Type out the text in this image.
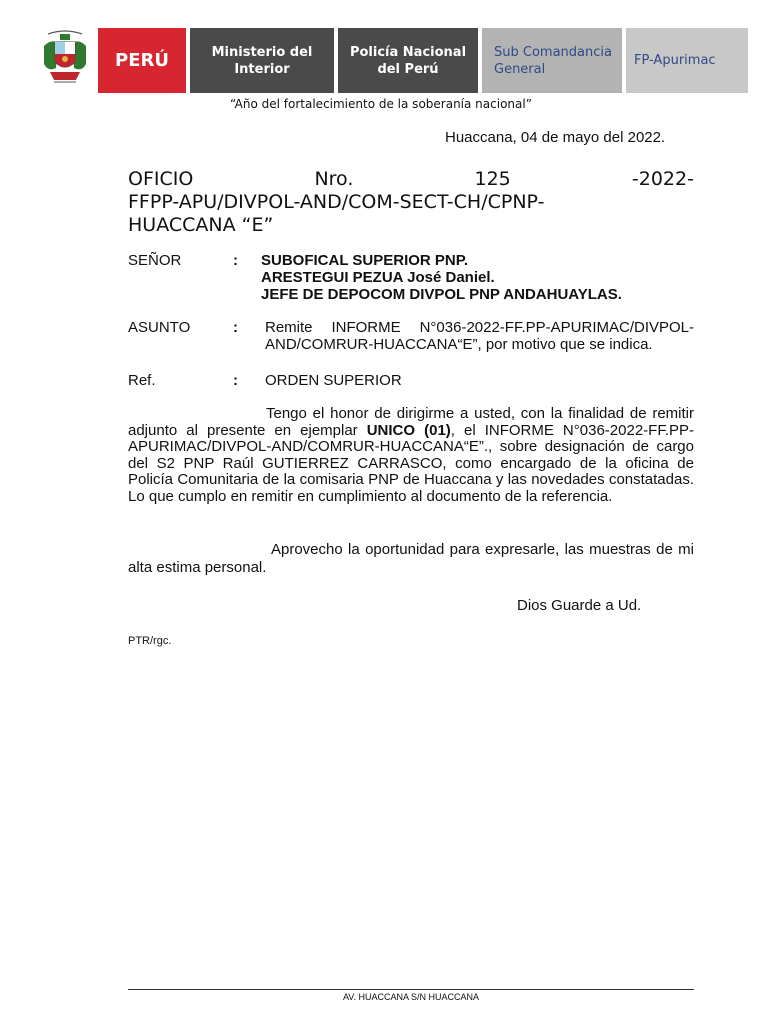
PERÚ	Ministerio del Interior
Policía Nacional del Perú
Sub Comandancia General
FP-Apurimac
“Año del fortalecimiento de la soberanía nacional”
Huaccana, 04 de mayo del 2022.
OFICIO	Nro.	125	-2022-
FFPP-APU/DIVPOL-AND/COM-SECT-CH/CPNP-
HUACCANA “E”
SEÑOR	: SUBOFICAL SUPERIOR PNP.
ARESTEGUI PEZUA José Daniel.
JEFE DE DEPOCOM DIVPOL PNP ANDAHUAYLAS.
ASUNTO	: Remite INFORME N°036-2022-FF.PP-APURIMAC/DIVPOL-
AND/COMRUR-HUACCANA“E”, por motivo que se indica.
Ref.	: ORDEN SUPERIOR
Tengo el honor de dirigirme a usted, con la finalidad de remitir adjunto al presente en ejemplar UNICO (01), el INFORME N°036-2022-FF.PP-APURIMAC/DIVPOL-AND/COMRUR-HUACCANA“E”., sobre designación de cargo del S2 PNP Raúl GUTIERREZ CARRASCO, como encargado de la oficina de Policía Comunitaria de la comisaria PNP de Huaccana y las novedades constatadas. Lo que cumplo en remitir en cumplimiento al documento de la referencia.
Aprovecho la oportunidad para expresarle, las muestras de mi alta estima personal.
Dios Guarde a Ud.
PTR/rgc.
AV. HUACCANA S/N HUACCANA
